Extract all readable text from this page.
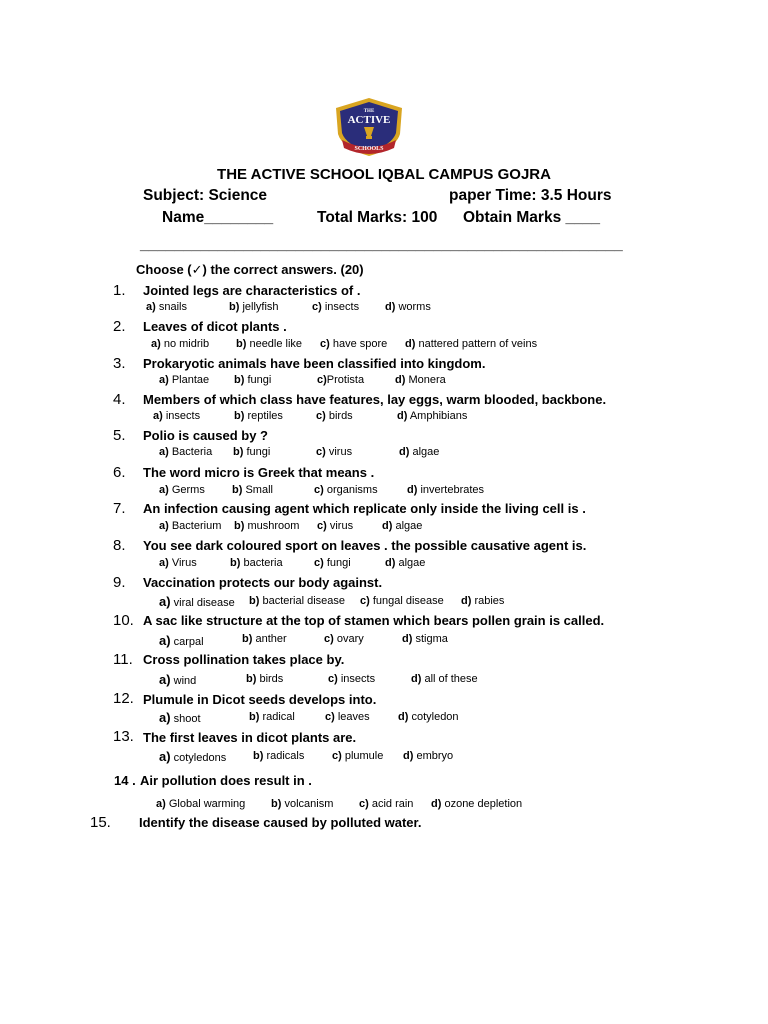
THE
ACTIVE
SCHOOLS
THE ACTIVE SCHOOL IQBAL CAMPUS GOJRA
Subject: Science	paper Time: 3.5 Hours
Name________	Total Marks: 100 Obtain Marks ____
________________________________________________________
Choose (✓) the correct answers. (20)
1. Jointed legs are characteristics of .
a) snails	b) jellyfish	c) insects d) worms
2. Leaves of dicot plants .
a) no midrib b) needle like c) have spore d) nattered pattern of veins
3. Prokaryotic animals have been classified into kingdom.
a) Plantae b) fungi	c)Protista	d) Monera
4. Members of which class have features, lay eggs, warm blooded, backbone.
a) insects	b) reptiles	c) birds	d) Amphibians
5. Polio is caused by ?
a) Bacteria b) fungi	c) virus	d) algae
6. The word micro is Greek that means .
a) Germs b) Small	c) organisms	d) invertebrates
7. An infection causing agent which replicate only inside the living cell is .
a) Bacterium b) mushroom c) virus	d) algae
8. You see dark coloured sport on leaves . the possible causative agent is.
a) Virus	b) bacteria	c) fungi	d) algae
9. Vaccination protects our body against.
a) viral disease b) bacterial disease c) fungal disease d) rabies
10. A sac like structure at the top of stamen which bears pollen grain is called.
a) carpal	b) anther	c) ovary	d) stigma
11. Cross pollination takes place by.
a) wind	b) birds	c) insects	d) all of these
12. Plumule in Dicot seeds develops into.
a) shoot	b) radical	c) leaves	d) cotyledon
13. The first leaves in dicot plants are.
a) cotyledons b) radicals	c) plumule d) embryo
14 . Air pollution does result in .
a) Global warming b) volcanism c) acid rain d) ozone depletion
15. Identify the disease caused by polluted water.
